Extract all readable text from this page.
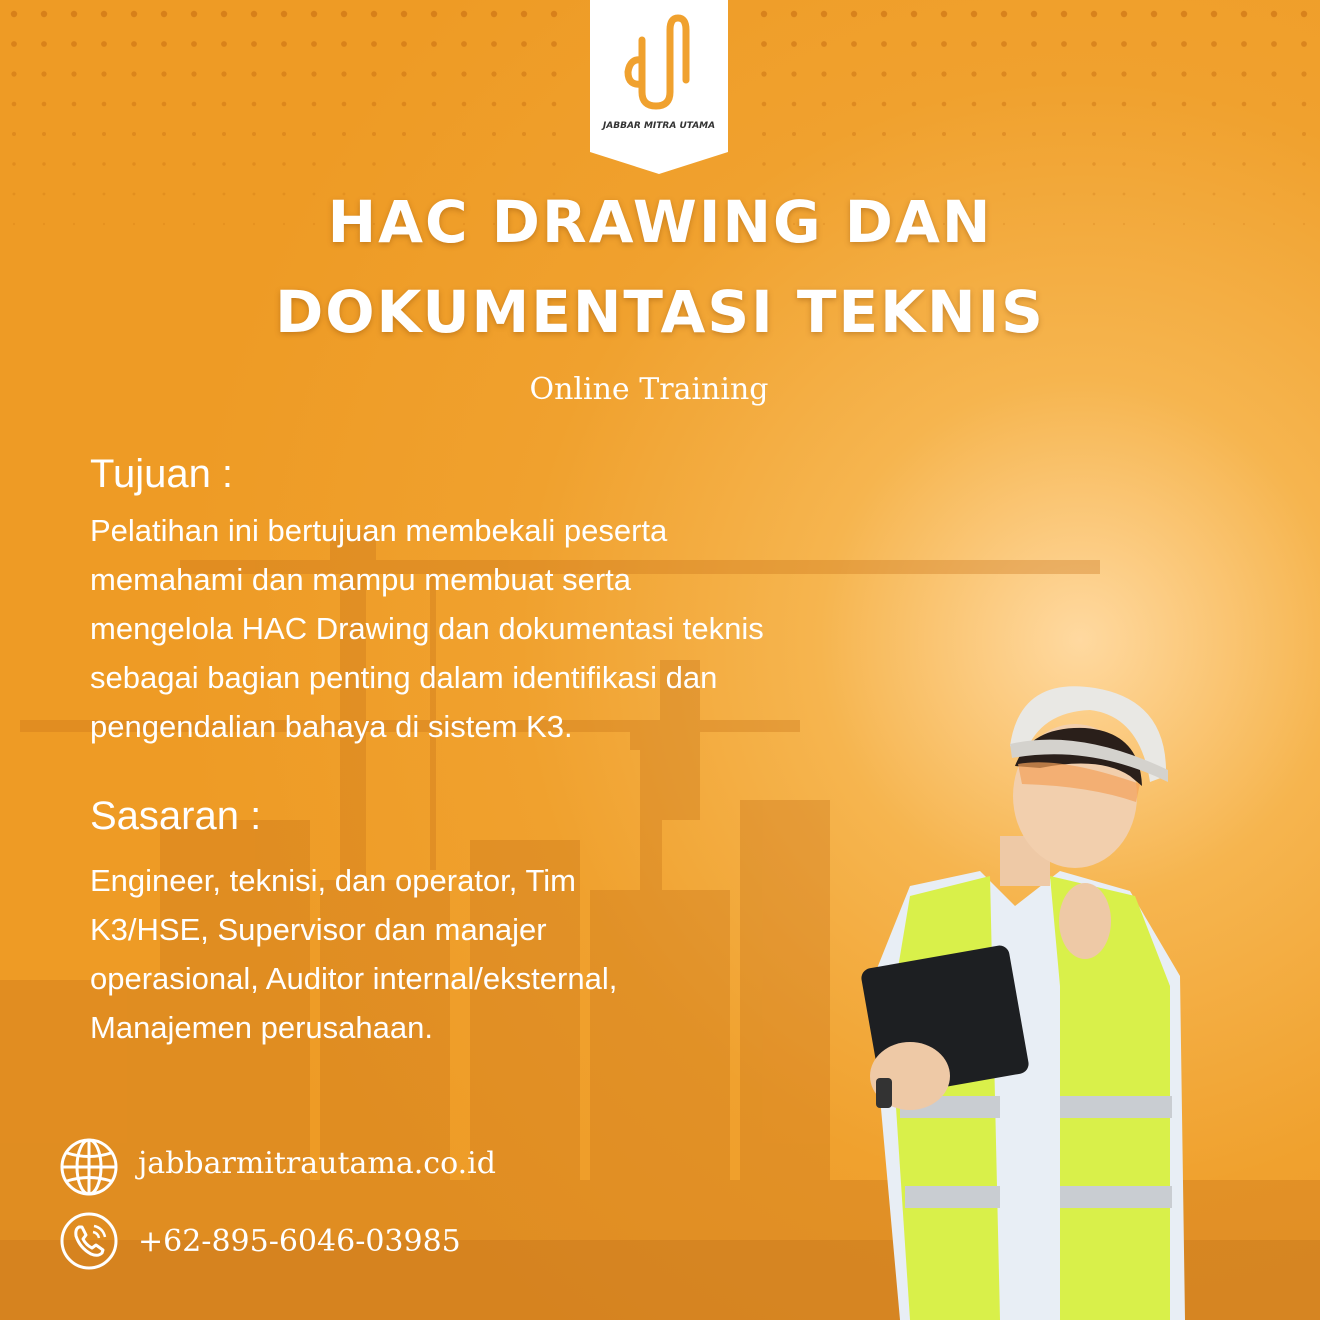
JABBAR MITRA UTAMA
HAC DRAWING DAN
DOKUMENTASI TEKNIS
Online Training
Tujuan :

Pelatihan ini bertujuan membekali peserta
memahami dan mampu membuat serta
mengelola HAC Drawing dan dokumentasi teknis
sebagai bagian penting dalam identifikasi dan
pengendalian bahaya di sistem K3.

Sasaran :

Engineer, teknisi, dan operator, Tim
K3/HSE, Supervisor dan manajer
operasional, Auditor internal/eksternal,
Manajemen perusahaan.

jabbarmitrautama.co.id
+62-895-6046-03985
